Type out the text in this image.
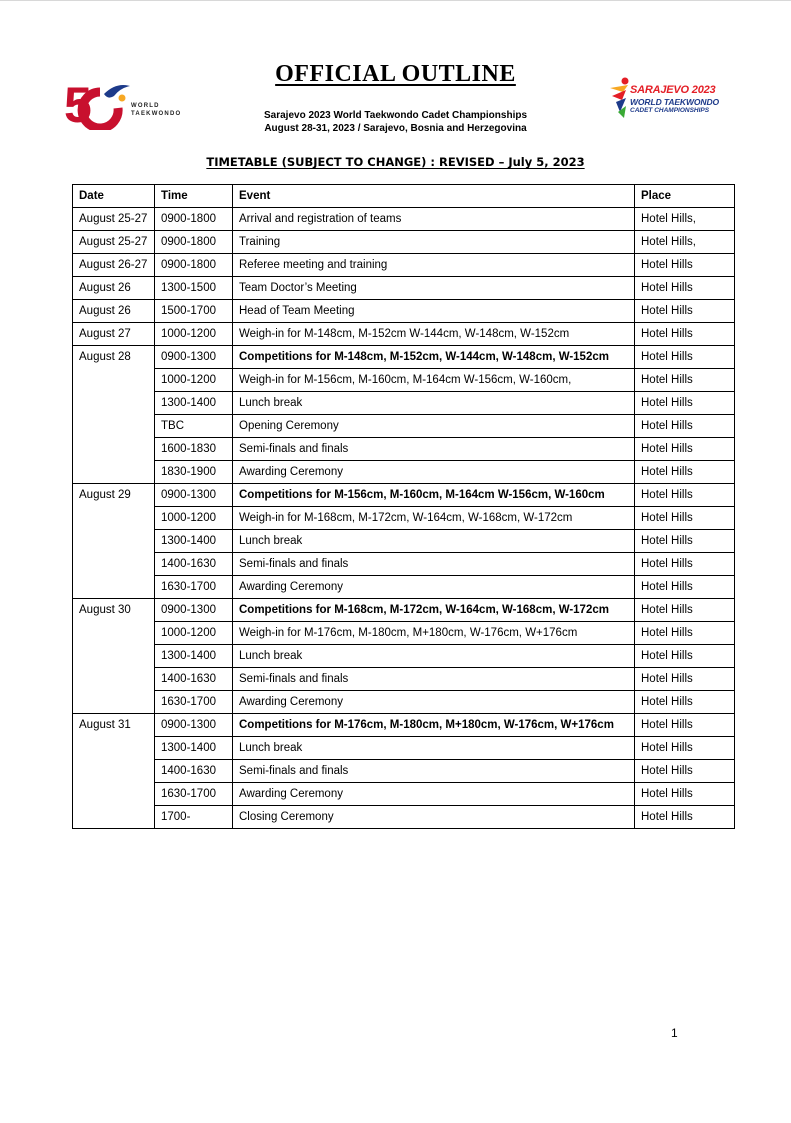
5	WORLD
TAEKWONDO
SARAJEVO 2023
WORLD TAEKWONDO
CADET CHAMPIONSHIPS
OFFICIAL OUTLINE
Sarajevo 2023 World Taekwondo Cadet Championships
August 28-31, 2023 / Sarajevo, Bosnia and Herzegovina
TIMETABLE (SUBJECT TO CHANGE) : REVISED – July 5, 2023
Date	Time	Event	Place
August 25-27	0900-1800	Arrival and registration of teams	Hotel Hills,
August 25-27	0900-1800	Training	Hotel Hills,
August 26-27	0900-1800	Referee meeting and training	Hotel Hills
August 26	1300-1500	Team Doctor’s Meeting	Hotel Hills
August 26	1500-1700	Head of Team Meeting	Hotel Hills
August 27	1000-1200	Weigh-in for M-148cm, M-152cm W-144cm, W-148cm, W-152cm	Hotel Hills
August 28	0900-1300	Competitions for M-148cm, M-152cm, W-144cm, W-148cm, W-152cm	Hotel Hills
	1000-1200	Weigh-in for M-156cm, M-160cm, M-164cm W-156cm, W-160cm,	Hotel Hills
	1300-1400	Lunch break	Hotel Hills
	TBC	Opening Ceremony	Hotel Hills
	1600-1830	Semi-finals and finals	Hotel Hills
	1830-1900	Awarding Ceremony	Hotel Hills
August 29	0900-1300	Competitions for M-156cm, M-160cm, M-164cm W-156cm, W-160cm	Hotel Hills
	1000-1200	Weigh-in for M-168cm, M-172cm, W-164cm, W-168cm, W-172cm	Hotel Hills
	1300-1400	Lunch break	Hotel Hills
	1400-1630	Semi-finals and finals	Hotel Hills
	1630-1700	Awarding Ceremony	Hotel Hills
August 30	0900-1300	Competitions for M-168cm, M-172cm, W-164cm, W-168cm, W-172cm	Hotel Hills
	1000-1200	Weigh-in for M-176cm, M-180cm, M+180cm, W-176cm, W+176cm	Hotel Hills
	1300-1400	Lunch break	Hotel Hills
	1400-1630	Semi-finals and finals	Hotel Hills
	1630-1700	Awarding Ceremony	Hotel Hills
August 31	0900-1300	Competitions for M-176cm, M-180cm, M+180cm, W-176cm, W+176cm	Hotel Hills
	1300-1400	Lunch break	Hotel Hills
	1400-1630	Semi-finals and finals	Hotel Hills
	1630-1700	Awarding Ceremony	Hotel Hills
	1700-	Closing Ceremony	Hotel Hills
1
